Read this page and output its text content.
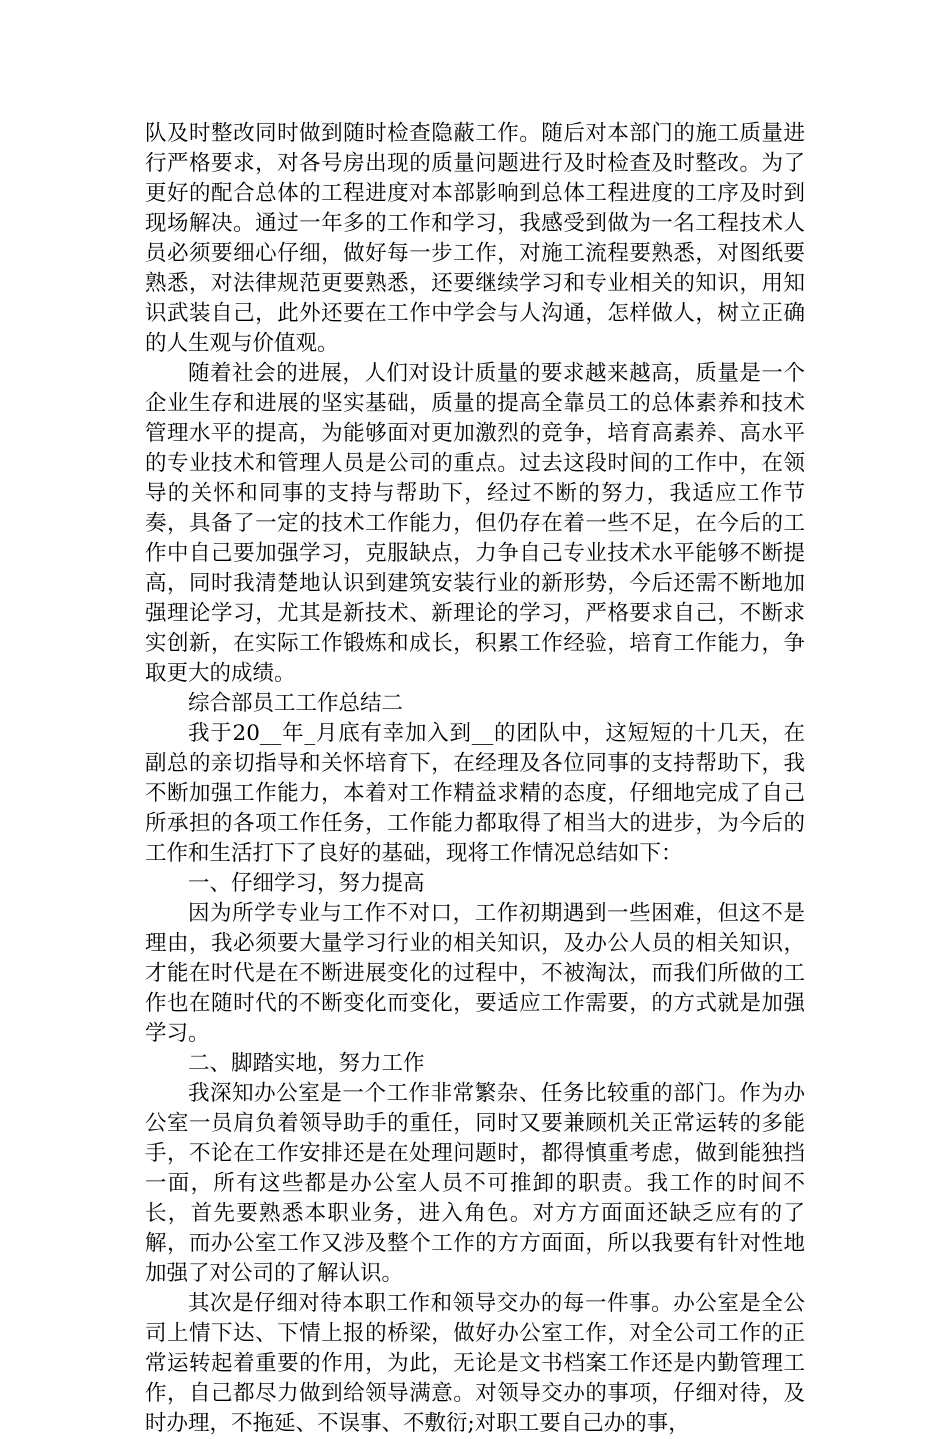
队及时整改同时做到随时检查隐蔽工作。随后对本部门的施工质量进行严格要求，对各号房出现的质量问题进行及时检查及时整改。为了更好的配合总体的工程进度对本部影响到总体工程进度的工序及时到现场解决。通过一年多的工作和学习，我感受到做为一名工程技术人员必须要细心仔细，做好每一步工作，对施工流程要熟悉，对图纸要熟悉，对法律规范更要熟悉，还要继续学习和专业相关的知识，用知识武装自己，此外还要在工作中学会与人沟通，怎样做人，树立正确的人生观与价值观。

随着社会的进展，人们对设计质量的要求越来越高，质量是一个企业生存和进展的坚实基础，质量的提高全靠员工的总体素养和技术管理水平的提高，为能够面对更加激烈的竞争，培育高素养、高水平的专业技术和管理人员是公司的重点。过去这段时间的工作中，在领导的关怀和同事的支持与帮助下，经过不断的努力，我适应工作节奏，具备了一定的技术工作能力，但仍存在着一些不足，在今后的工作中自己要加强学习，克服缺点，力争自己专业技术水平能够不断提高，同时我清楚地认识到建筑安装行业的新形势，今后还需不断地加强理论学习，尤其是新技术、新理论的学习，严格要求自己，不断求实创新，在实际工作锻炼和成长，积累工作经验，培育工作能力，争取更大的成绩。

综合部员工工作总结二

我于20__年_月底有幸加入到__的团队中，这短短的十几天，在副总的亲切指导和关怀培育下，在经理及各位同事的支持帮助下，我不断加强工作能力，本着对工作精益求精的态度，仔细地完成了自己所承担的各项工作任务，工作能力都取得了相当大的进步，为今后的工作和生活打下了良好的基础，现将工作情况总结如下：

一、仔细学习，努力提高

因为所学专业与工作不对口，工作初期遇到一些困难，但这不是理由，我必须要大量学习行业的相关知识，及办公人员的相关知识，才能在时代是在不断进展变化的过程中，不被淘汰，而我们所做的工作也在随时代的不断变化而变化，要适应工作需要，的方式就是加强学习。

二、脚踏实地，努力工作

我深知办公室是一个工作非常繁杂、任务比较重的部门。作为办公室一员肩负着领导助手的重任，同时又要兼顾机关正常运转的多能手，不论在工作安排还是在处理问题时，都得慎重考虑，做到能独挡一面，所有这些都是办公室人员不可推卸的职责。我工作的时间不长，首先要熟悉本职业务，进入角色。对方方面面还缺乏应有的了解，而办公室工作又涉及整个工作的方方面面，所以我要有针对性地加强了对公司的了解认识。

其次是仔细对待本职工作和领导交办的每一件事。办公室是全公司上情下达、下情上报的桥梁，做好办公室工作，对全公司工作的正常运转起着重要的作用，为此，无论是文书档案工作还是内勤管理工作，自己都尽力做到给领导满意。对领导交办的事项，仔细对待，及时办理，不拖延、不误事、不敷衍;对职工要自己办的事，
